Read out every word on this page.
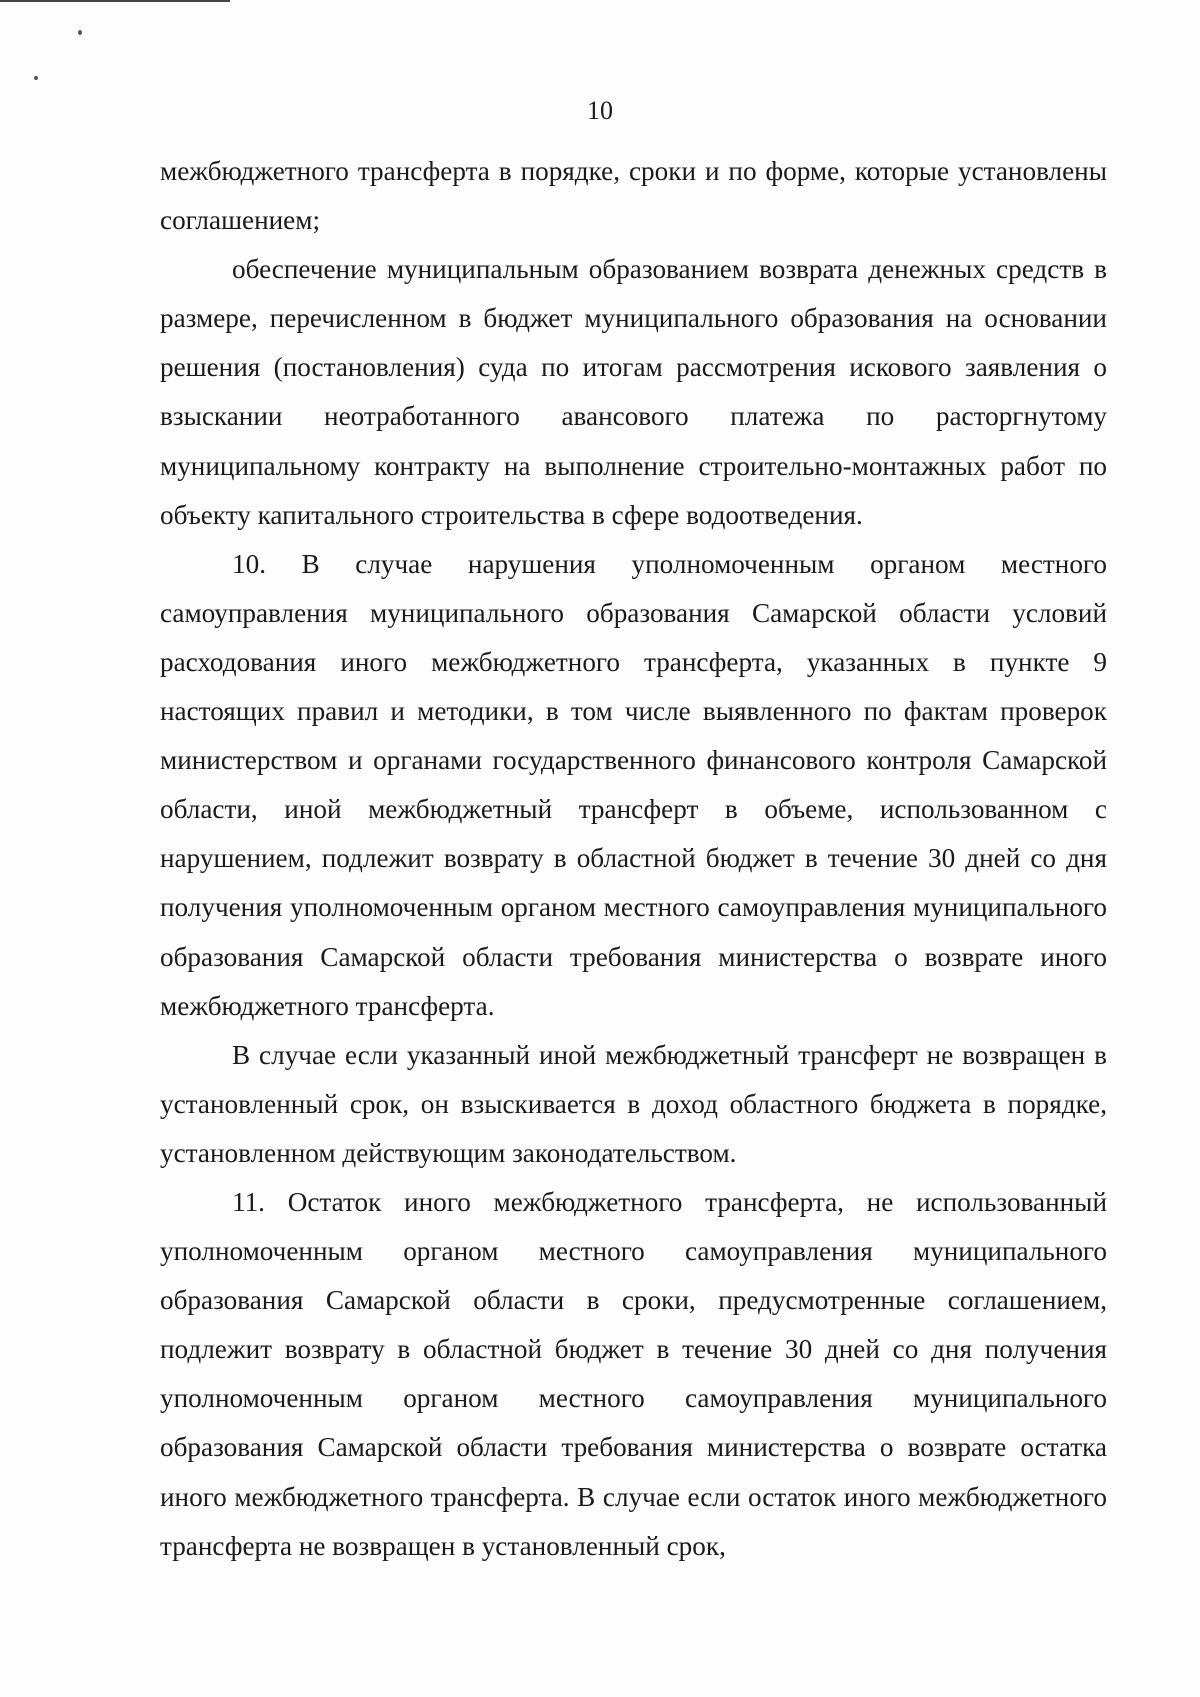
10

межбюджетного трансферта в порядке, сроки и по форме, которые установлены соглашением;

обеспечение муниципальным образованием возврата денежных средств в размере, перечисленном в бюджет муниципального образования на основании решения (постановления) суда по итогам рассмотрения искового заявления о взыскании неотработанного авансового платежа по расторгнутому муниципальному контракту на выполнение строительно-монтажных работ по объекту капитального строительства в сфере водоотведения.

10. В случае нарушения уполномоченным органом местного самоуправления муниципального образования Самарской области условий расходования иного межбюджетного трансферта, указанных в пункте 9 настоящих правил и методики, в том числе выявленного по фактам проверок министерством и органами государственного финансового контроля Самарской области, иной межбюджетный трансферт в объеме, использованном с нарушением, подлежит возврату в областной бюджет в течение 30 дней со дня получения уполномоченным органом местного самоуправления муниципального образования Самарской области требования министерства о возврате иного межбюджетного трансферта.

В случае если указанный иной межбюджетный трансферт не возвращен в установленный срок, он взыскивается в доход областного бюджета в порядке, установленном действующим законодательством.

11. Остаток иного межбюджетного трансферта, не использованный уполномоченным органом местного самоуправления муниципального образования Самарской области в сроки, предусмотренные соглашением, подлежит возврату в областной бюджет в течение 30 дней со дня получения уполномоченным органом местного самоуправления муниципального образования Самарской области требования министерства о возврате остатка иного межбюджетного трансферта. В случае если остаток иного межбюджетного трансферта не возвращен в установленный срок,
